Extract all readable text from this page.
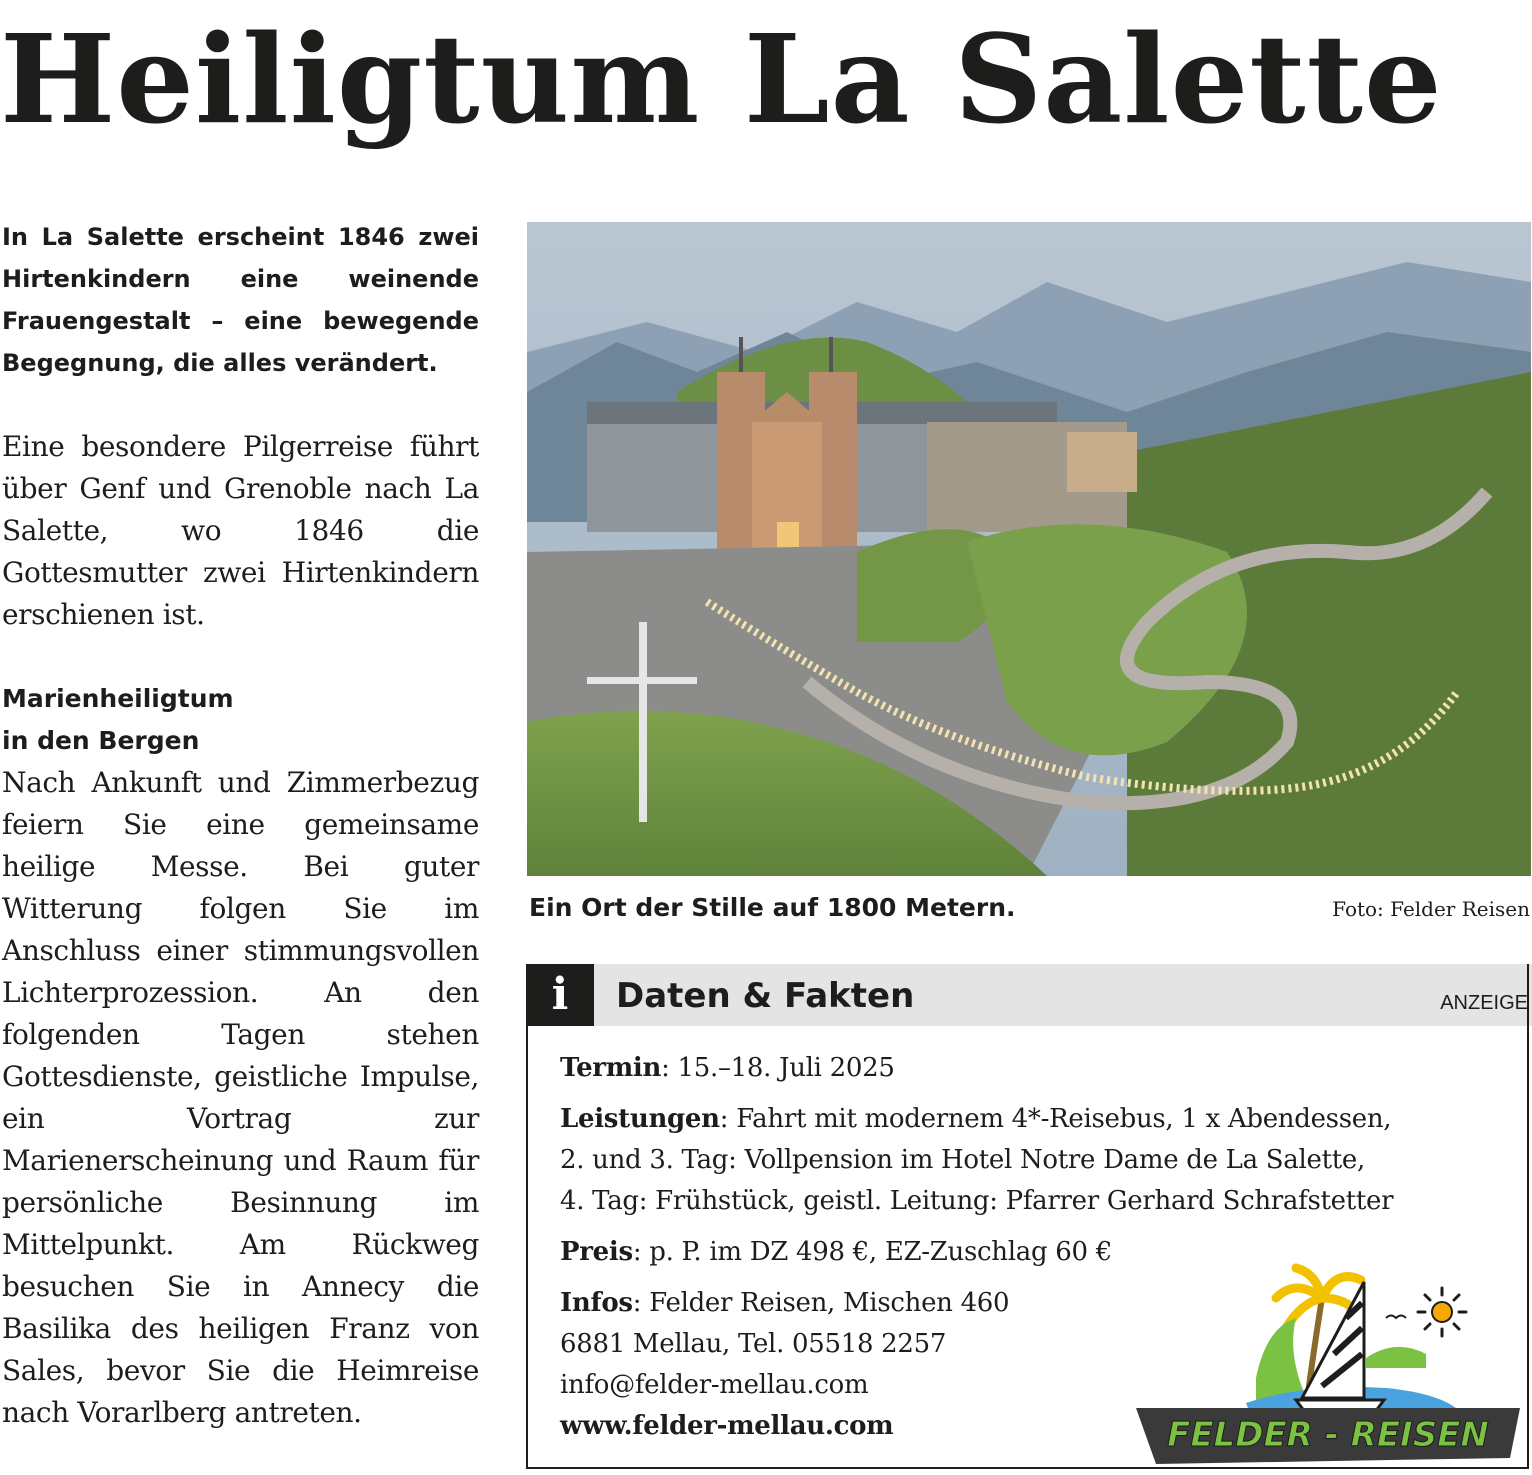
Heiligtum La Salette

In La Salette erscheint 1846 zwei Hirtenkindern eine weinende Frauengestalt – eine bewegende Begegnung, die alles verändert.

Eine besondere Pilgerreise führt über Genf und Grenoble nach La Salette, wo 1846 die Gottesmutter zwei Hirtenkindern erschienen ist.

Marienheiligtum
in den Bergen

Nach Ankunft und Zimmerbezug feiern Sie eine gemeinsame heilige Messe. Bei guter Witterung folgen Sie im Anschluss einer stimmungsvollen Lichterprozession. An den folgenden Tagen stehen Gottesdienste, geistliche Impulse, ein Vortrag zur Marienerscheinung und Raum für persönliche Besinnung im Mittelpunkt. Am Rückweg besuchen Sie in Annecy die Basilika des heiligen Franz von Sales, bevor Sie die Heimreise nach Vorarlberg antreten.

Ein Ort der Stille auf 1800 Metern.	Foto: Felder Reisen
i	Daten & Fakten	ANZEIGE

Termin: 15.–18. Juli 2025

Leistungen: Fahrt mit modernem 4*-Reisebus, 1 x Abendessen,
2. und 3. Tag: Vollpension im Hotel Notre Dame de La Salette,
4. Tag: Frühstück, geistl. Leitung: Pfarrer Gerhard Schrafstetter

Preis: p. P. im DZ 498 €, EZ-Zuschlag 60 €

Infos: Felder Reisen, Mischen 460
6881 Mellau, Tel. 05518 2257
info@felder-mellau.com
www.felder-mellau.com	FELDER - REISEN
